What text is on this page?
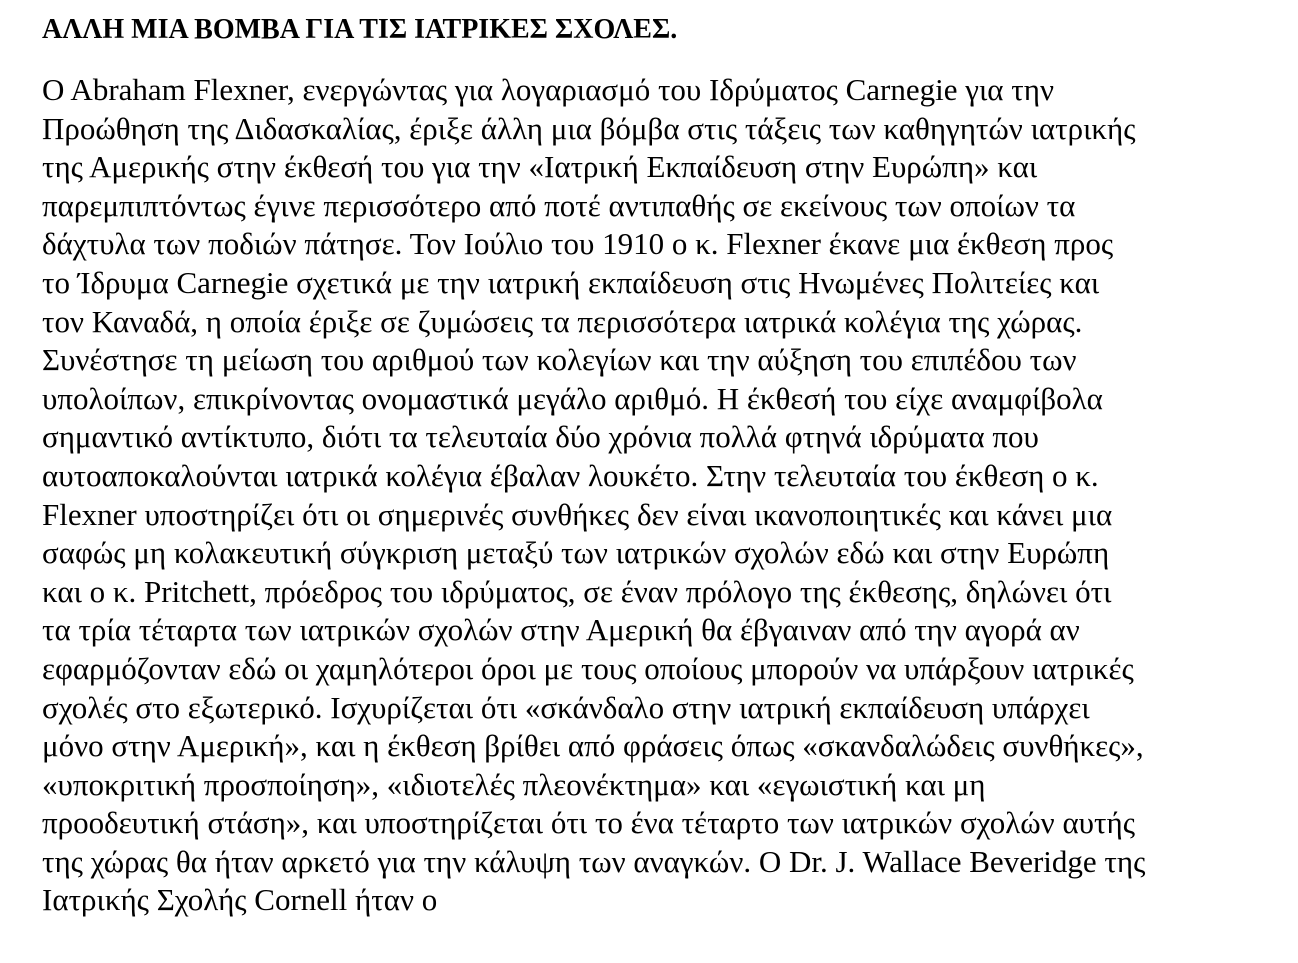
ΑΛΛΗ ΜΙΑ ΒΟΜΒΑ ΓΙΑ ΤΙΣ ΙΑΤΡΙΚΕΣ ΣΧΟΛΕΣ.
O Abraham Flexner, ενεργώντας για λογαριασμό του Ιδρύματος Carnegie για την
Προώθηση της Διδασκαλίας, έριξε άλλη μια βόμβα στις τάξεις των καθηγητών ιατρικής
της Αμερικής στην έκθεσή του για την «Ιατρική Εκπαίδευση στην Ευρώπη» και
παρεμπιπτόντως έγινε περισσότερο από ποτέ αντιπαθής σε εκείνους των οποίων τα
δάχτυλα των ποδιών πάτησε. Τον Ιούλιο του 1910 ο κ. Flexner έκανε μια έκθεση προς
το Ίδρυμα Carnegie σχετικά με την ιατρική εκπαίδευση στις Ηνωμένες Πολιτείες και
τον Καναδά, η οποία έριξε σε ζυμώσεις τα περισσότερα ιατρικά κολέγια της χώρας.
Συνέστησε τη μείωση του αριθμού των κολεγίων και την αύξηση του επιπέδου των
υπολοίπων, επικρίνοντας ονομαστικά μεγάλο αριθμό. Η έκθεσή του είχε αναμφίβολα
σημαντικό αντίκτυπο, διότι τα τελευταία δύο χρόνια πολλά φτηνά ιδρύματα που
αυτοαποκαλούνται ιατρικά κολέγια έβαλαν λουκέτο. Στην τελευταία του έκθεση ο κ.
Flexner υποστηρίζει ότι οι σημερινές συνθήκες δεν είναι ικανοποιητικές και κάνει μια
σαφώς μη κολακευτική σύγκριση μεταξύ των ιατρικών σχολών εδώ και στην Ευρώπη
και ο κ. Pritchett, πρόεδρος του ιδρύματος, σε έναν πρόλογο της έκθεσης, δηλώνει ότι
τα τρία τέταρτα των ιατρικών σχολών στην Αμερική θα έβγαιναν από την αγορά αν
εφαρμόζονταν εδώ οι χαμηλότεροι όροι με τους οποίους μπορούν να υπάρξουν ιατρικές
σχολές στο εξωτερικό. Ισχυρίζεται ότι «σκάνδαλο στην ιατρική εκπαίδευση υπάρχει
μόνο στην Αμερική», και η έκθεση βρίθει από φράσεις όπως «σκανδαλώδεις συνθήκες»,
«υποκριτική προσποίηση», «ιδιοτελές πλεονέκτημα» και «εγωιστική και μη
προοδευτική στάση», και υποστηρίζεται ότι το ένα τέταρτο των ιατρικών σχολών αυτής
της χώρας θα ήταν αρκετό για την κάλυψη των αναγκών. O Dr. J. Wallace Beveridge της
Ιατρικής Σχολής Cornell ήταν ο
